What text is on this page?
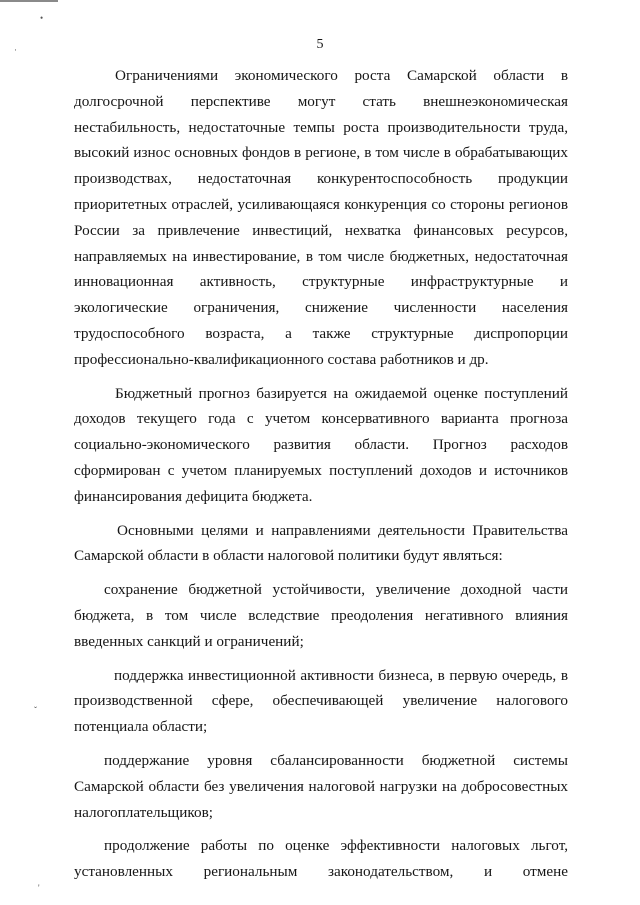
•
·
ˇ
'
5
Ограничениями экономического роста Самарской области в
долгосрочной перспективе могут стать внешнеэкономическая
нестабильность, недостаточные темпы роста производительности труда,
высокий износ основных фондов в регионе, в том числе в обрабатывающих
производствах, недостаточная конкурентоспособность продукции
приоритетных отраслей, усиливающаяся конкуренция со стороны регионов
России за привлечение инвестиций, нехватка финансовых ресурсов,
направляемых на инвестирование, в том числе бюджетных, недостаточная
инновационная активность, структурные инфраструктурные и
экологические ограничения, снижение численности населения
трудоспособного возраста, а также структурные диспропорции
профессионально-квалификационного состава работников и др.
Бюджетный прогноз базируется на ожидаемой оценке поступлений
доходов текущего года с учетом консервативного варианта прогноза
социально-экономического развития области. Прогноз расходов
сформирован с учетом планируемых поступлений доходов и источников
финансирования дефицита бюджета.
Основными целями и направлениями деятельности Правительства
Самарской области в области налоговой политики будут являться:
сохранение бюджетной устойчивости, увеличение доходной части
бюджета, в том числе вследствие преодоления негативного влияния
введенных санкций и ограничений;
поддержка инвестиционной активности бизнеса, в первую очередь, в
производственной сфере, обеспечивающей увеличение налогового
потенциала области;
поддержание уровня сбалансированности бюджетной системы
Самарской области без увеличения налоговой нагрузки на добросовестных
налогоплательщиков;
продолжение работы по оценке эффективности налоговых льгот,
установленных региональным законодательством, и отмене
